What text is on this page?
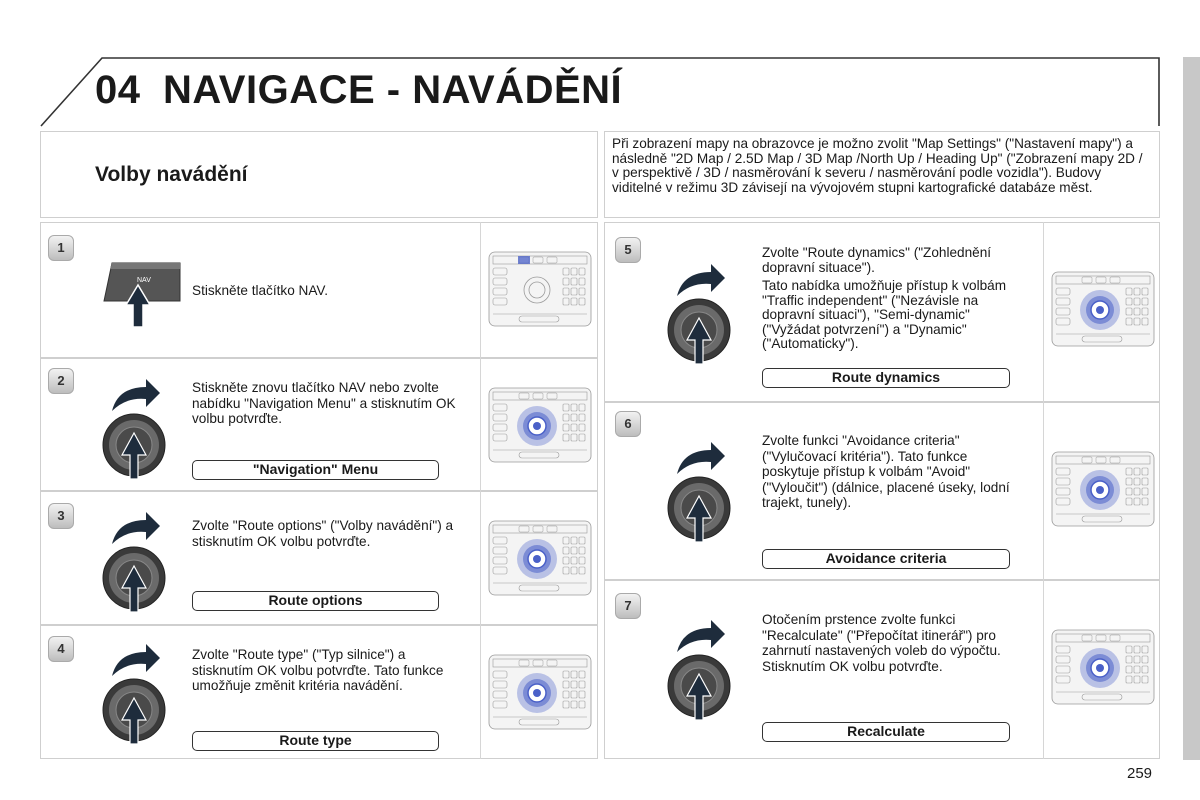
04 NAVIGACE - NAVÁDĚNÍ
Volby navádění
Při zobrazení mapy na obrazovce je možno zvolit "Map Settings" ("Nastavení mapy") a následně "2D Map / 2.5D Map / 3D Map /North Up / Heading Up" ("Zobrazení mapy 2D / v perspektivě / 3D / nasměrování k severu / nasměrování podle vozidla"). Budovy viditelné v režimu 3D závisejí na vývojovém stupni kartografické databáze měst.
1
NAV
Stiskněte tlačítko NAV.
2	Stiskněte znovu tlačítko NAV nebo zvolte nabídku "Navigation Menu" a stisknutím OK volbu potvrďte.
"Navigation" Menu
3
Zvolte "Route options" ("Volby navádění") a stisknutím OK volbu potvrďte.
Route options
4	Zvolte "Route type" ("Typ silnice") a stisknutím OK volbu potvrďte. Tato funkce umožňuje změnit kritéria navádění.
Route type
5	Zvolte "Route dynamics" ("Zohlednění dopravní situace").
Tato nabídka umožňuje přístup k volbám "Traffic independent" ("Nezávisle na dopravní situaci"), "Semi-dynamic" ("Vyžádat potvrzení") a "Dynamic" ("Automaticky").
Route dynamics
6
Zvolte funkci "Avoidance criteria" ("Vylučovací kritéria"). Tato funkce poskytuje přístup k volbám "Avoid" ("Vyloučit") (dálnice, placené úseky, lodní trajekt, tunely).
Avoidance criteria
7
Otočením prstence zvolte funkci "Recalculate" ("Přepočítat itinerář") pro zahrnutí nastavených voleb do výpočtu. Stisknutím OK volbu potvrďte.
Recalculate
259
